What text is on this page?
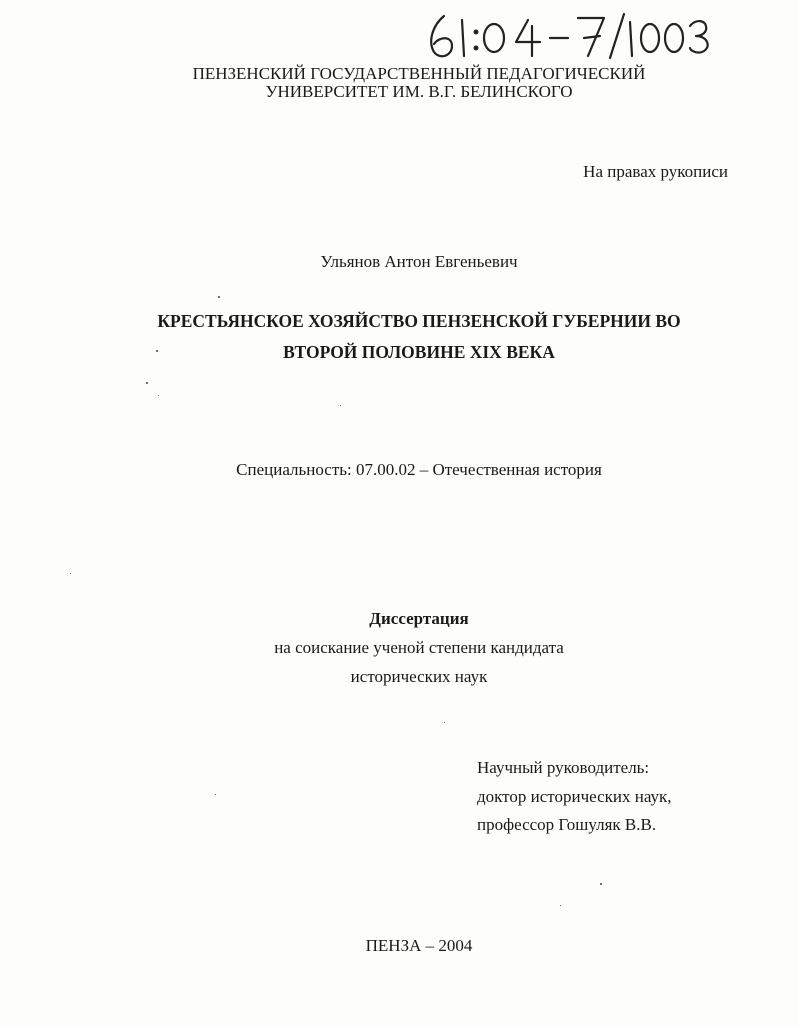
ПЕНЗЕНСКИЙ ГОСУДАРСТВЕННЫЙ ПЕДАГОГИЧЕСКИЙ
УНИВЕРСИТЕТ ИМ. В.Г. БЕЛИНСКОГО
На правах рукописи
Ульянов Антон Евгеньевич
КРЕСТЬЯНСКОЕ ХОЗЯЙСТВО ПЕНЗЕНСКОЙ ГУБЕРНИИ ВО
ВТОРОЙ ПОЛОВИНЕ XIX ВЕКА
Специальность: 07.00.02 – Отечественная история
Диссертация
на соискание ученой степени кандидата
исторических наук
Научный руководитель:
доктор исторических наук,
профессор Гошуляк В.В.
ПЕНЗА – 2004
